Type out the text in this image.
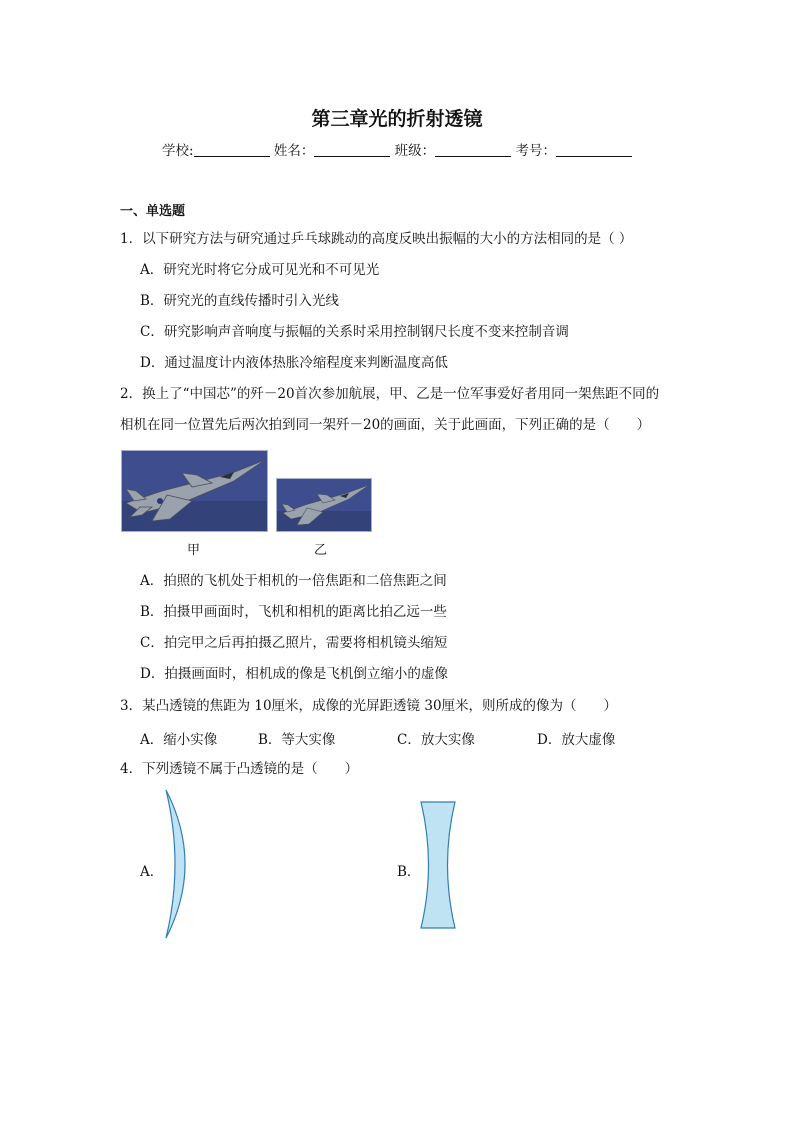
第三章光的折射透镜
学校:	姓名：	班级：	考号：
一、单选题
1．以下研究方法与研究通过乒乓球跳动的高度反映出振幅的大小的方法相同的是（ ）
A．研究光时将它分成可见光和不可见光
B．研究光的直线传播时引入光线
C．研究影响声音响度与振幅的关系时采用控制钢尺长度不变来控制音调
D．通过温度计内液体热胀冷缩程度来判断温度高低
2．换上了“中国芯”的歼－20首次参加航展，甲、乙是一位军事爱好者用同一架焦距不同的
相机在同一位置先后两次拍到同一架歼－20的画面，关于此画面，下列正确的是（　　）
甲	乙
A．拍照的飞机处于相机的一倍焦距和二倍焦距之间
B．拍摄甲画面时，飞机和相机的距离比拍乙远一些
C．拍完甲之后再拍摄乙照片，需要将相机镜头缩短
D．拍摄画面时，相机成的像是飞机倒立缩小的虚像
3．某凸透镜的焦距为 10厘米，成像的光屏距透镜 30厘米，则所成的像为（　　）
A．缩小实像	B．等大实像	C．放大实像	D．放大虚像
4．下列透镜不属于凸透镜的是（　　）
A．	B．
